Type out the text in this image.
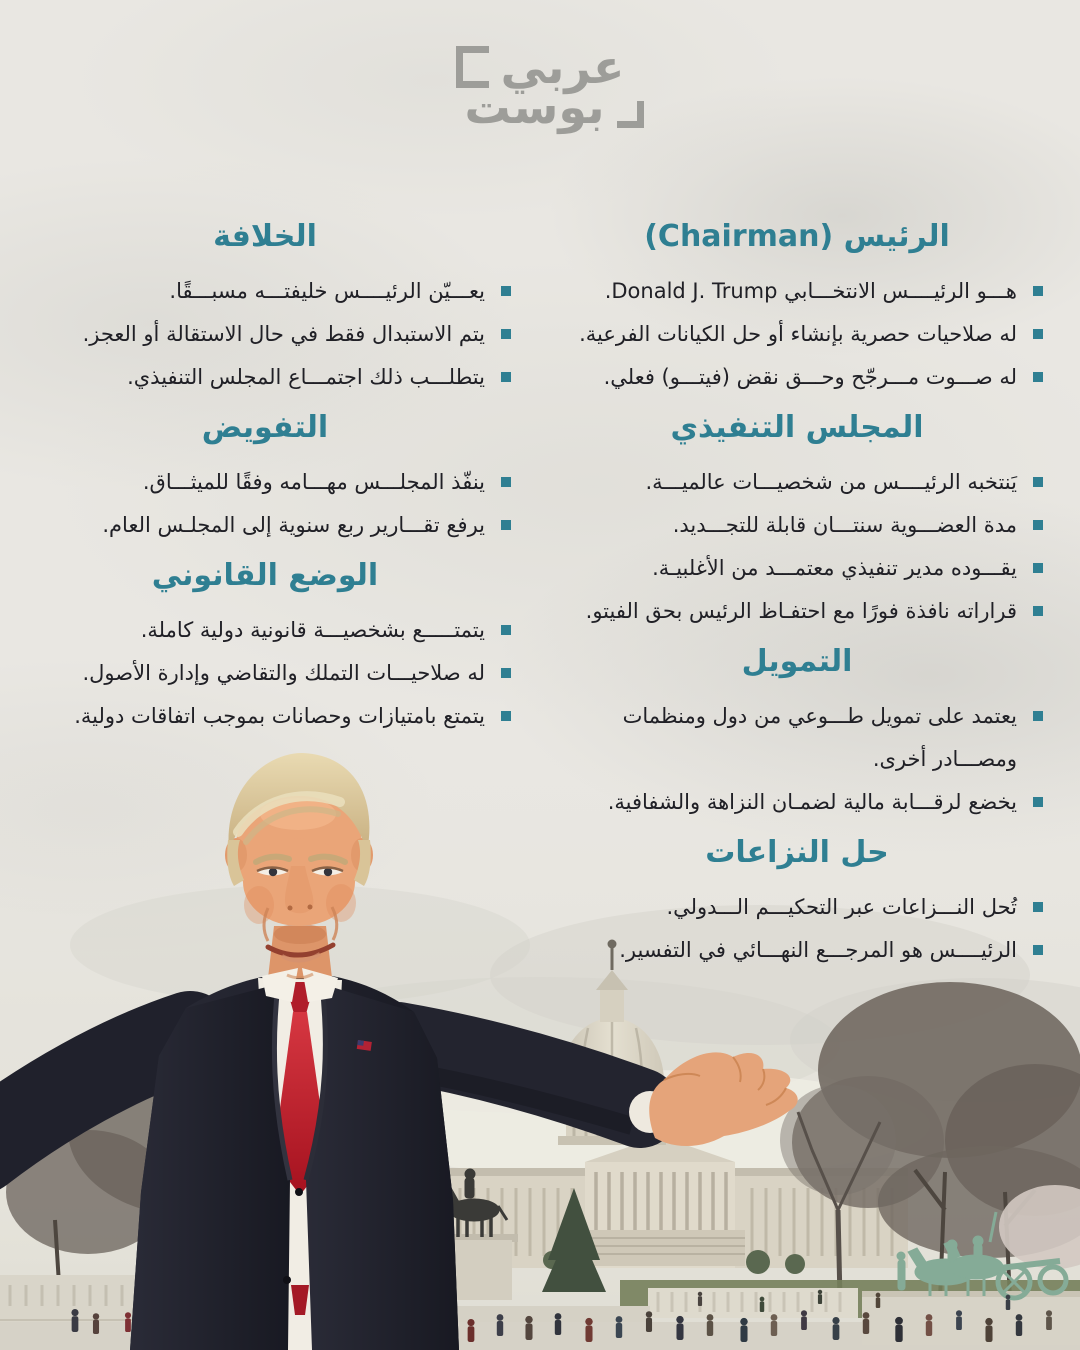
عربي
بوست
الرئيس (Chairman)
هـــو الرئيــــس الانتخـــابي Donald J. Trump.
له صلاحيات حصرية بإنشاء أو حل الكيانات الفرعية.
له صـــوت مـــرجّح وحـــق نقض (فيتـــو) فعلي.
المجلس التنفيذي
يَنتخبه الرئيــــس من شخصيـــات عالميـــة.
مدة العضـــوية سنتـــان قابلة للتجـــديد.
يقـــوده مدير تنفيذي معتمـــد من الأغلبيـة.
قراراته نافذة فورًا مع احتفـاظ الرئيس بحق الفيتو.
التمويل
يعتمد على تمويل طـــوعي من دول ومنظمات ومصـــادر أخرى.
يخضع لرقـــابة مالية لضمـان النزاهة والشفافية.
حل النزاعات
تُحل النـــزاعات عبر التحكيـــم الـــدولي.
الرئيــــس هو المرجـــع النهـــائي في التفسير.
الخلافة
يعـــيّن الرئيــــس خليفتـــه مسبـــقًا.
يتم الاستبدال فقط في حال الاستقالة أو العجز.
يتطلـــب ذلك اجتمـــاع المجلس التنفيذي.
التفويض
ينفّذ المجلـــس مهـــامه وفقًا للميثـــاق.
يرفع تقـــارير ربع سنوية إلى المجلـس العام.
الوضع القانوني
يتمتـــــع بشخصيـــة قانونية دولية كاملة.
له صلاحيـــات التملك والتقاضي وإدارة الأصول.
يتمتع بامتيازات وحصانات بموجب اتفاقات دولية.
